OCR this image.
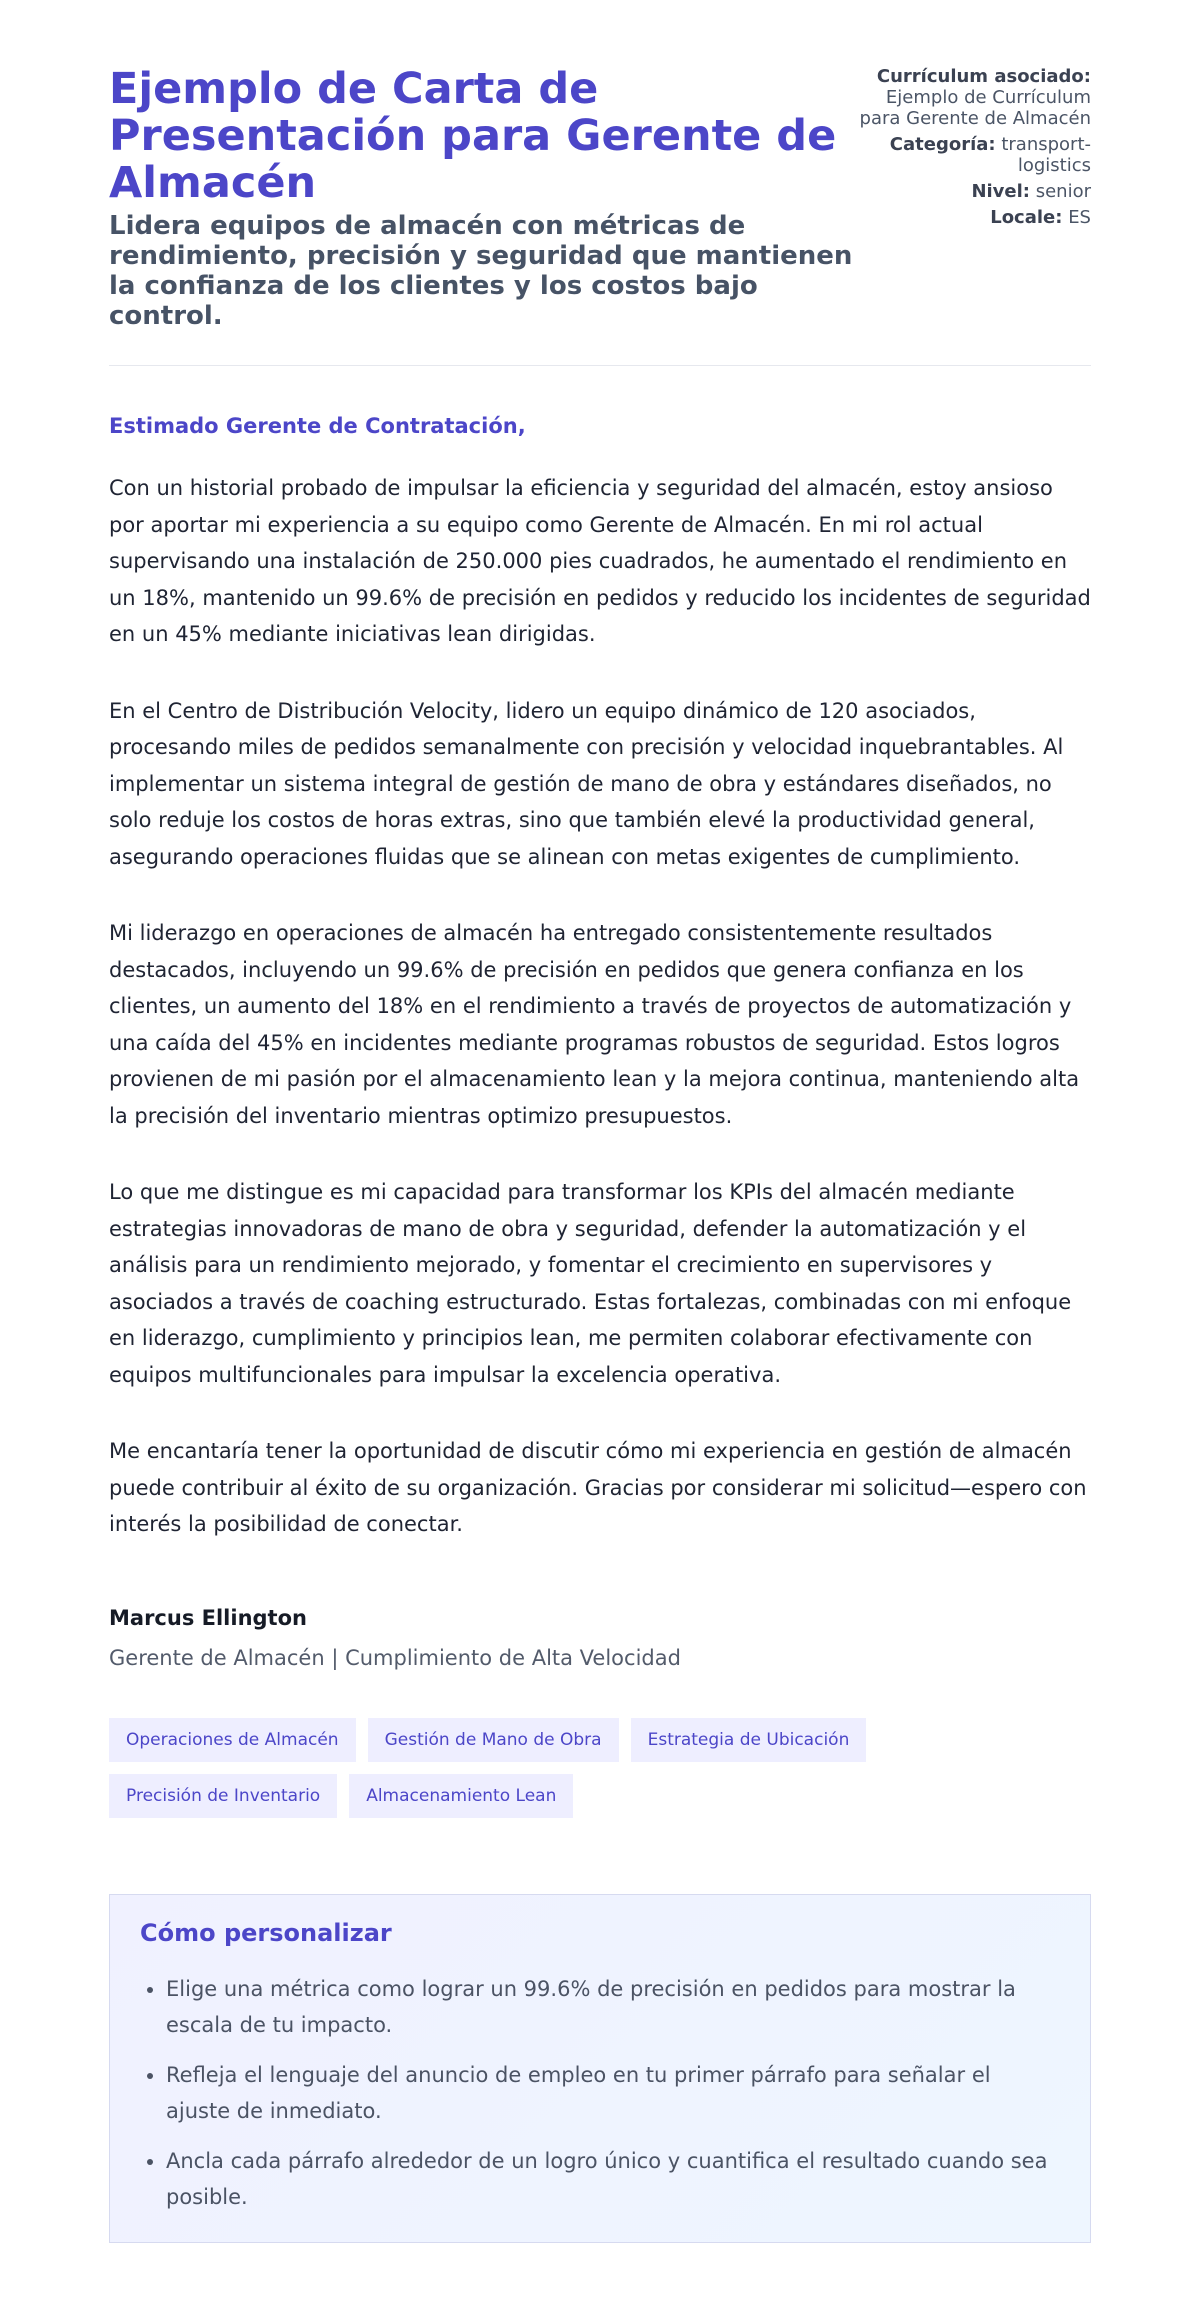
Ejemplo de Carta de Presentación para Gerente de Almacén
Lidera equipos de almacén con métricas de rendimiento, precisión y seguridad que mantienen la confianza de los clientes y los costos bajo control.
Currículum asociado: Ejemplo de Currículum para Gerente de Almacén
Categoría: transport-logistics
Nivel: senior
Locale: ES
Estimado Gerente de Contratación,

Con un historial probado de impulsar la eficiencia y seguridad del almacén, estoy ansioso por aportar mi experiencia a su equipo como Gerente de Almacén. En mi rol actual supervisando una instalación de 250.000 pies cuadrados, he aumentado el rendimiento en un 18%, mantenido un 99.6% de precisión en pedidos y reducido los incidentes de seguridad en un 45% mediante iniciativas lean dirigidas.

En el Centro de Distribución Velocity, lidero un equipo dinámico de 120 asociados, procesando miles de pedidos semanalmente con precisión y velocidad inquebrantables. Al implementar un sistema integral de gestión de mano de obra y estándares diseñados, no solo reduje los costos de horas extras, sino que también elevé la productividad general, asegurando operaciones fluidas que se alinean con metas exigentes de cumplimiento.

Mi liderazgo en operaciones de almacén ha entregado consistentemente resultados destacados, incluyendo un 99.6% de precisión en pedidos que genera confianza en los clientes, un aumento del 18% en el rendimiento a través de proyectos de automatización y una caída del 45% en incidentes mediante programas robustos de seguridad. Estos logros provienen de mi pasión por el almacenamiento lean y la mejora continua, manteniendo alta la precisión del inventario mientras optimizo presupuestos.

Lo que me distingue es mi capacidad para transformar los KPIs del almacén mediante estrategias innovadoras de mano de obra y seguridad, defender la automatización y el análisis para un rendimiento mejorado, y fomentar el crecimiento en supervisores y asociados a través de coaching estructurado. Estas fortalezas, combinadas con mi enfoque en liderazgo, cumplimiento y principios lean, me permiten colaborar efectivamente con equipos multifuncionales para impulsar la excelencia operativa.

Me encantaría tener la oportunidad de discutir cómo mi experiencia en gestión de almacén puede contribuir al éxito de su organización. Gracias por considerar mi solicitud—espero con interés la posibilidad de conectar.

Marcus Ellington
Gerente de Almacén | Cumplimiento de Alta Velocidad
Operaciones de Almacén	Gestión de Mano de Obra	Estrategia de Ubicación
Precisión de Inventario	Almacenamiento Lean
Cómo personalizar
• Elige una métrica como lograr un 99.6% de precisión en pedidos para mostrar la escala de tu impacto.
• Refleja el lenguaje del anuncio de empleo en tu primer párrafo para señalar el ajuste de inmediato.
• Ancla cada párrafo alrededor de un logro único y cuantifica el resultado cuando sea posible.
